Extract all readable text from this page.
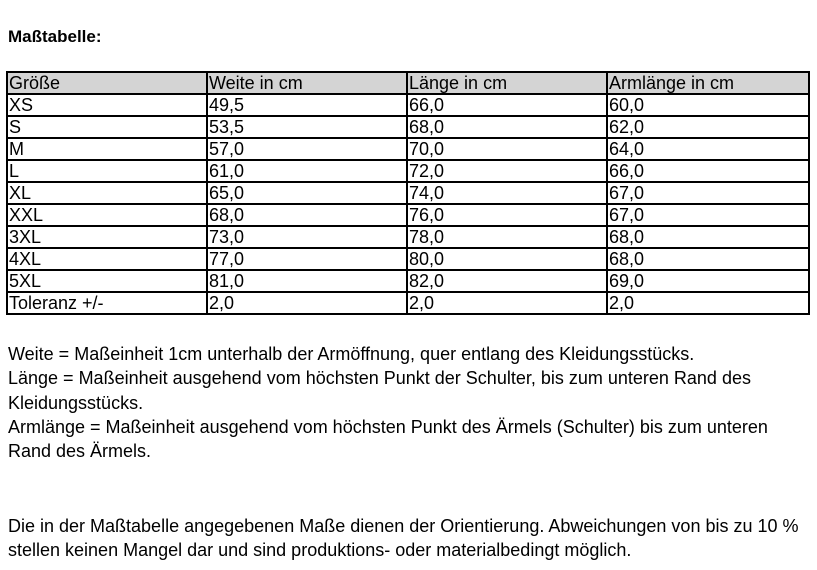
Maßtabelle:
Größe	Weite in cm	Länge in cm	Armlänge in cm
XS	49,5	66,0	60,0
S	53,5	68,0	62,0
M	57,0	70,0	64,0
L	61,0	72,0	66,0
XL	65,0	74,0	67,0
XXL	68,0	76,0	67,0
3XL	73,0	78,0	68,0
4XL	77,0	80,0	68,0
5XL	81,0	82,0	69,0
Toleranz +/-	2,0	2,0	2,0

Weite = Maßeinheit 1cm unterhalb der Armöffnung, quer entlang des Kleidungsstücks.

Länge = Maßeinheit ausgehend vom höchsten Punkt der Schulter, bis zum unteren Rand des Kleidungsstücks.

Armlänge = Maßeinheit ausgehend vom höchsten Punkt des Ärmels (Schulter) bis zum unteren Rand des Ärmels.

Die in der Maßtabelle angegebenen Maße dienen der Orientierung. Abweichungen von bis zu 10 % stellen keinen Mangel dar und sind produktions- oder materialbedingt möglich.
